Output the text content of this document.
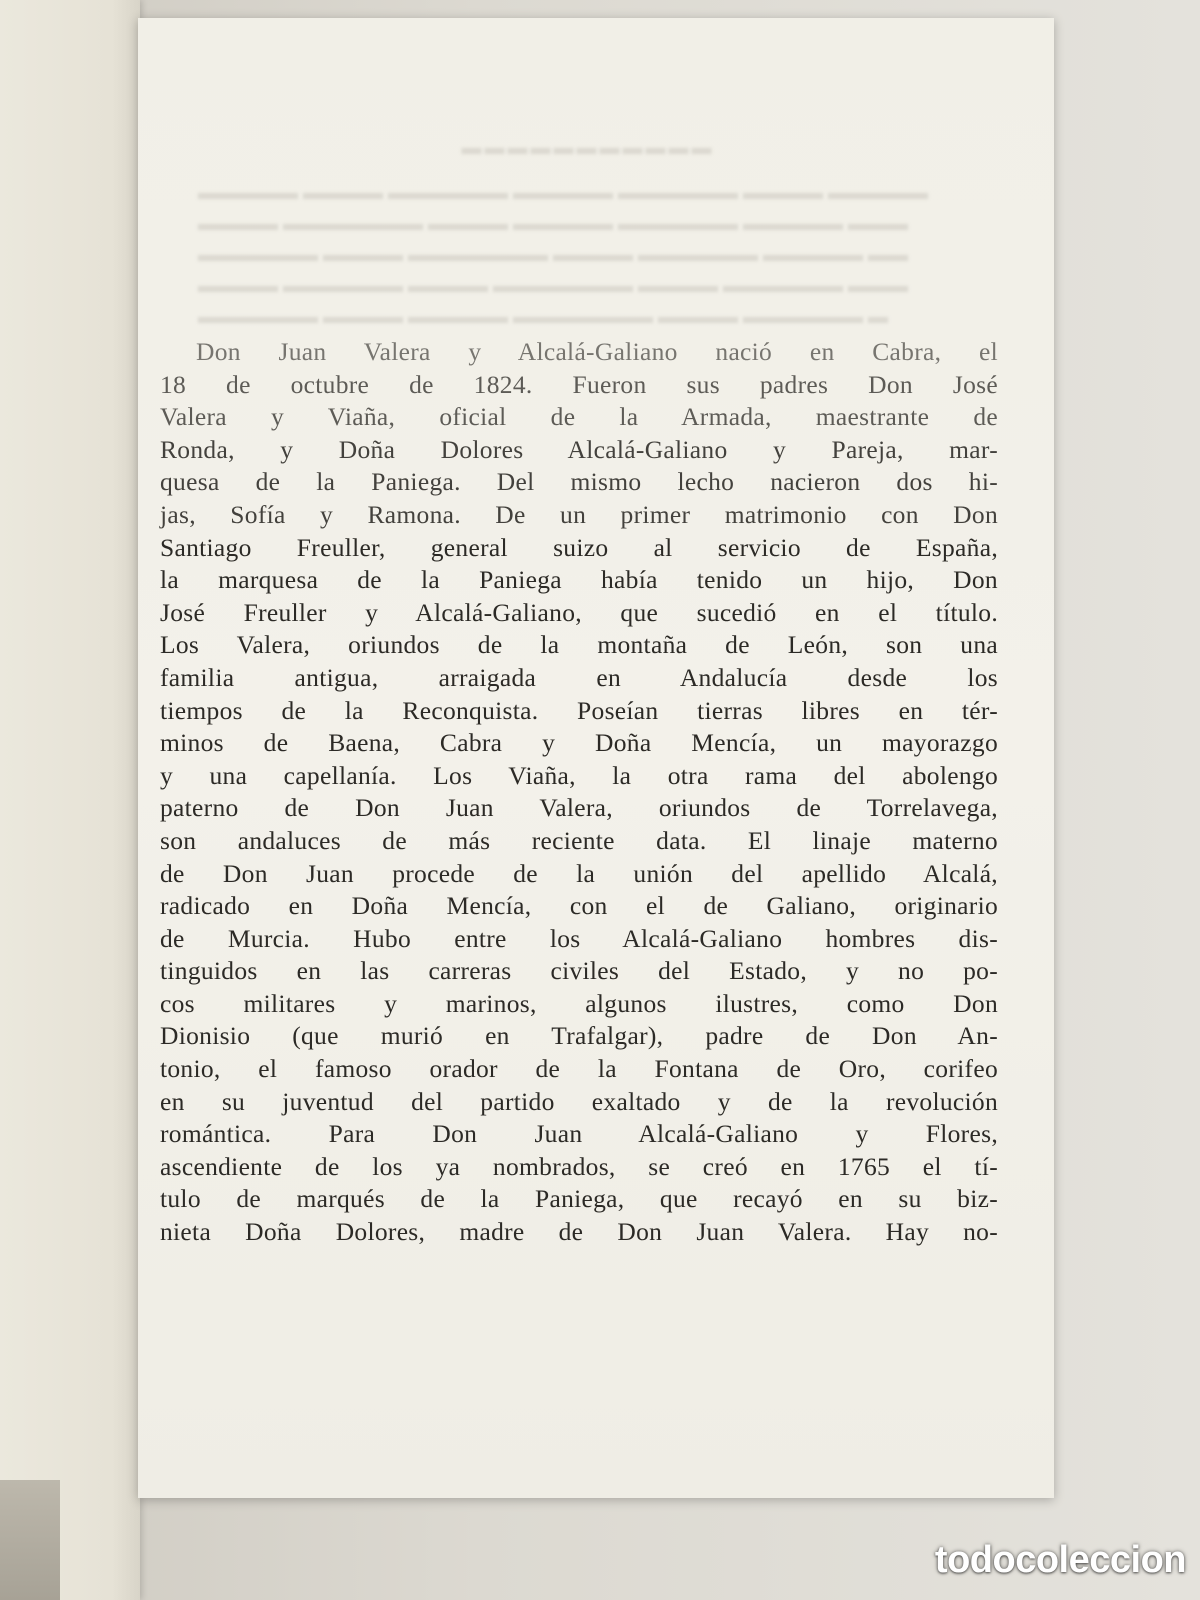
▬▬▬▬▬▬▬▬▬▬▬
▬▬▬▬▬ ▬▬▬▬ ▬▬▬▬▬▬ ▬▬▬▬▬ ▬▬▬▬▬▬ ▬▬▬▬ ▬▬▬▬▬
▬▬▬▬ ▬▬▬▬▬▬▬ ▬▬▬▬ ▬▬▬▬▬ ▬▬▬▬▬▬ ▬▬▬▬▬ ▬▬▬
▬▬▬▬▬▬ ▬▬▬▬ ▬▬▬▬▬▬▬ ▬▬▬▬ ▬▬▬▬▬▬ ▬▬▬▬▬ ▬▬
▬▬▬▬ ▬▬▬▬▬▬ ▬▬▬▬ ▬▬▬▬▬▬▬ ▬▬▬▬ ▬▬▬▬▬▬ ▬▬▬
▬▬▬▬▬▬ ▬▬▬▬ ▬▬▬▬▬ ▬▬▬▬▬▬▬ ▬▬▬▬ ▬▬▬▬▬▬ ▬
Don Juan Valera y Alcalá-Galiano nació en Cabra, el
18 de octubre de 1824. Fueron sus padres Don José
Valera y Viaña, oficial de la Armada, maestrante de
Ronda, y Doña Dolores Alcalá-Galiano y Pareja, mar-
quesa de la Paniega. Del mismo lecho nacieron dos hi-
jas, Sofía y Ramona. De un primer matrimonio con Don
Santiago Freuller, general suizo al servicio de España,
la marquesa de la Paniega había tenido un hijo, Don
José Freuller y Alcalá-Galiano, que sucedió en el título.
Los Valera, oriundos de la montaña de León, son una
familia antigua, arraigada en Andalucía desde los
tiempos de la Reconquista. Poseían tierras libres en tér-
minos de Baena, Cabra y Doña Mencía, un mayorazgo
y una capellanía. Los Viaña, la otra rama del abolengo
paterno de Don Juan Valera, oriundos de Torrelavega,
son andaluces de más reciente data. El linaje materno
de Don Juan procede de la unión del apellido Alcalá,
radicado en Doña Mencía, con el de Galiano, originario
de Murcia. Hubo entre los Alcalá-Galiano hombres dis-
tinguidos en las carreras civiles del Estado, y no po-
cos militares y marinos, algunos ilustres, como Don
Dionisio (que murió en Trafalgar), padre de Don An-
tonio, el famoso orador de la Fontana de Oro, corifeo
en su juventud del partido exaltado y de la revolución
romántica. Para Don Juan Alcalá-Galiano y Flores,
ascendiente de los ya nombrados, se creó en 1765 el tí-
tulo de marqués de la Paniega, que recayó en su biz-
nieta Doña Dolores, madre de Don Juan Valera. Hay no-
todocoleccion
